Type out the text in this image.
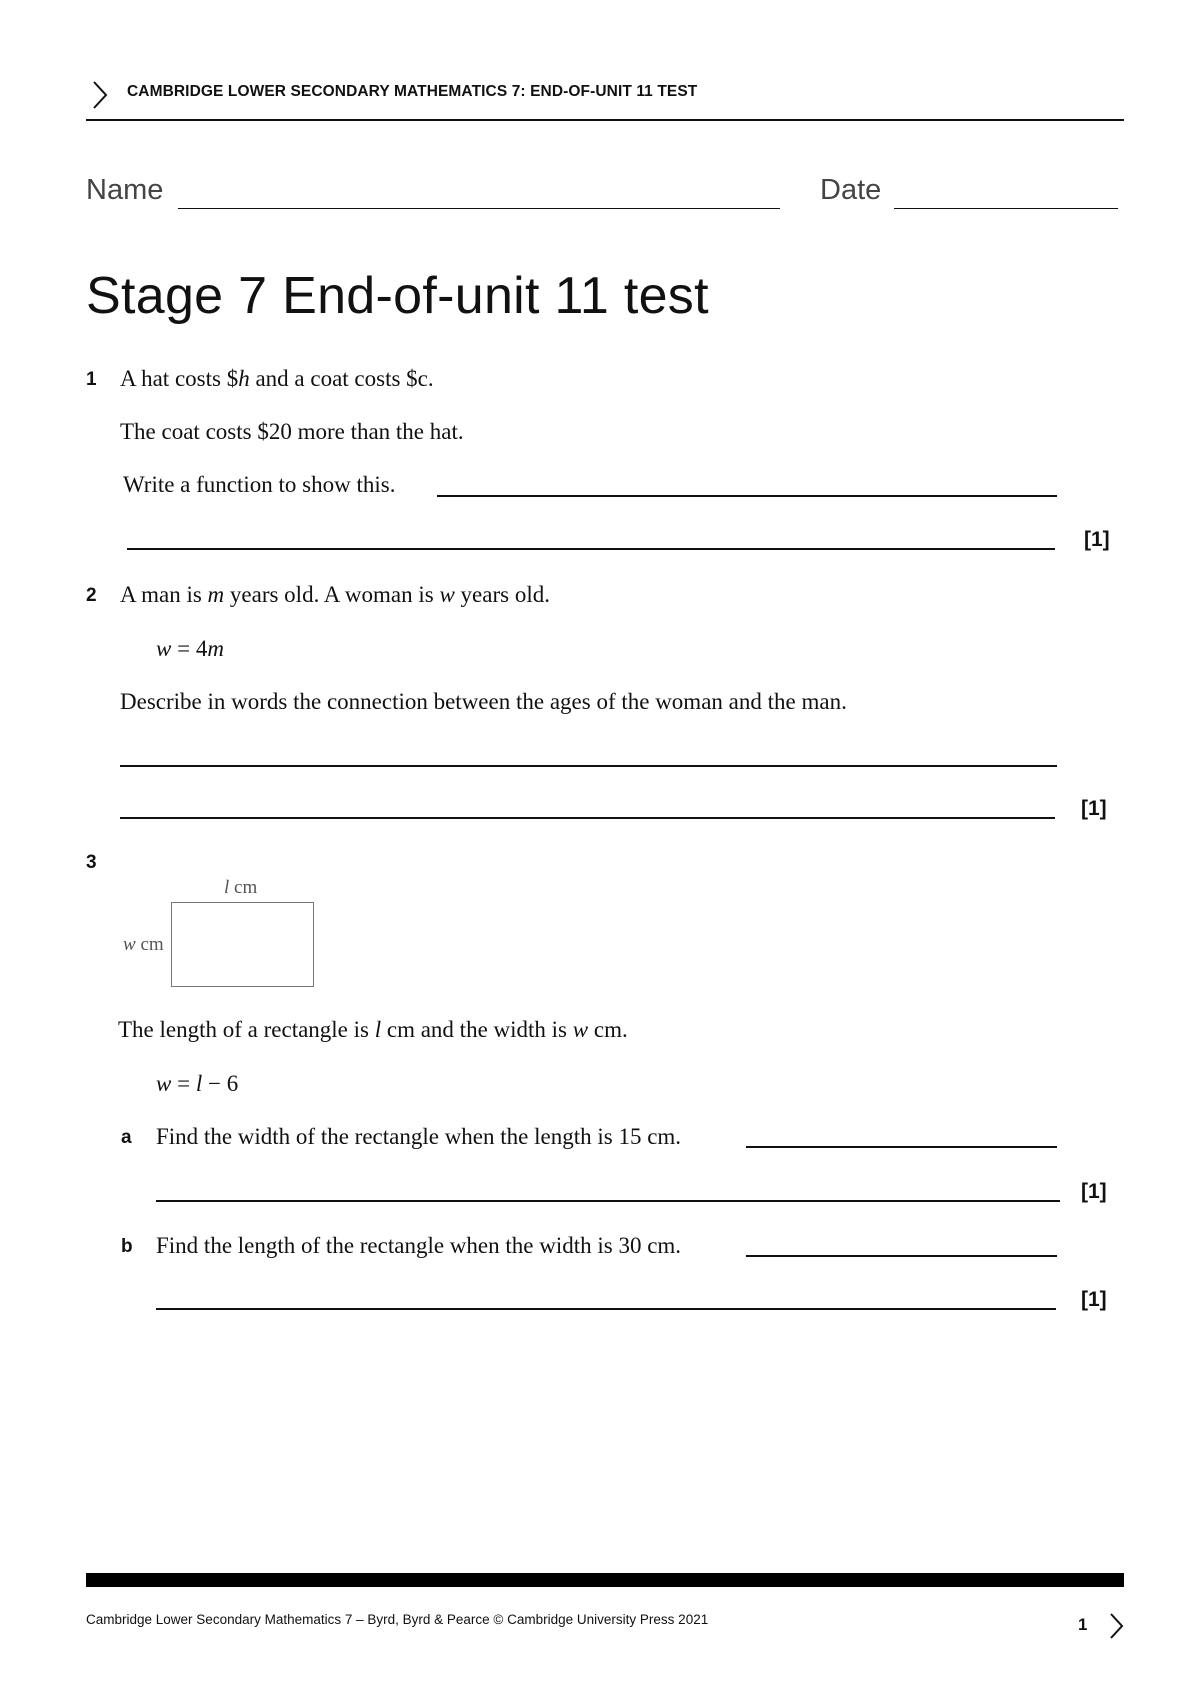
CAMBRIDGE LOWER SECONDARY MATHEMATICS 7: END-OF-UNIT 11 TEST
Name	Date
Stage 7 End-of-unit 11 test
1 A hat costs $h and a coat costs $c.
The coat costs $20 more than the hat.
Write a function to show this.
[1]
2 A man is m years old. A woman is w years old.
w = 4m
Describe in words the connection between the ages of the woman and the man.
[1]
3
l cm
w cm
The length of a rectangle is l cm and the width is w cm.
w = l − 6
a Find the width of the rectangle when the length is 15 cm.
[1]
b Find the length of the rectangle when the width is 30 cm.
[1]
Cambridge Lower Secondary Mathematics 7 – Byrd, Byrd & Pearce © Cambridge University Press 2021	1
